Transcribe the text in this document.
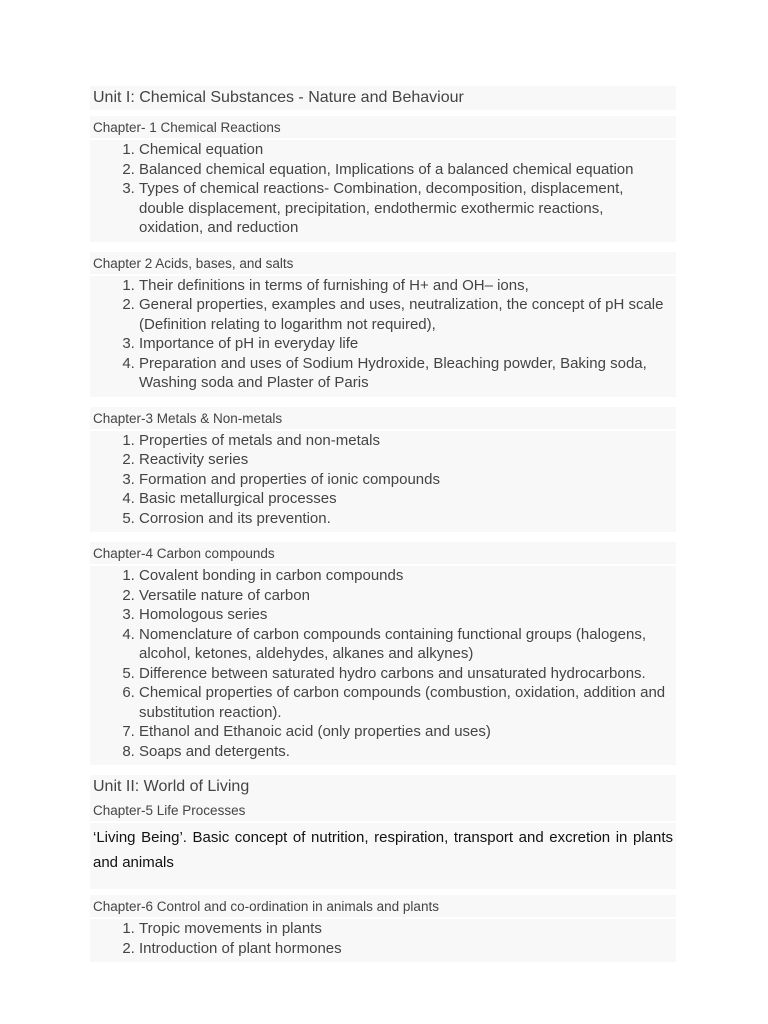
Unit I: Chemical Substances - Nature and Behaviour
Chapter- 1 Chemical Reactions
1. Chemical equation
2. Balanced chemical equation, Implications of a balanced chemical equation
3. Types of chemical reactions- Combination, decomposition, displacement, double displacement, precipitation, endothermic exothermic reactions, oxidation, and reduction
Chapter 2 Acids, bases, and salts
1. Their definitions in terms of furnishing of H+ and OH– ions,
2. General properties, examples and uses, neutralization, the concept of pH scale (Definition relating to logarithm not required),
3. Importance of pH in everyday life
4. Preparation and uses of Sodium Hydroxide, Bleaching powder, Baking soda, Washing soda and Plaster of Paris
Chapter-3 Metals & Non-metals
1. Properties of metals and non-metals
2. Reactivity series
3. Formation and properties of ionic compounds
4. Basic metallurgical processes
5. Corrosion and its prevention.
Chapter-4 Carbon compounds
1. Covalent bonding in carbon compounds
2. Versatile nature of carbon
3. Homologous series
4. Nomenclature of carbon compounds containing functional groups (halogens, alcohol, ketones, aldehydes, alkanes and alkynes)
5. Difference between saturated hydro carbons and unsaturated hydrocarbons.
6. Chemical properties of carbon compounds (combustion, oxidation, addition and substitution reaction).
7. Ethanol and Ethanoic acid (only properties and uses)
8. Soaps and detergents.
Unit II: World of Living
Chapter-5 Life Processes
‘Living Being’. Basic concept of nutrition, respiration, transport and excretion in plants and animals
Chapter-6 Control and co-ordination in animals and plants
1. Tropic movements in plants
2. Introduction of plant hormones
